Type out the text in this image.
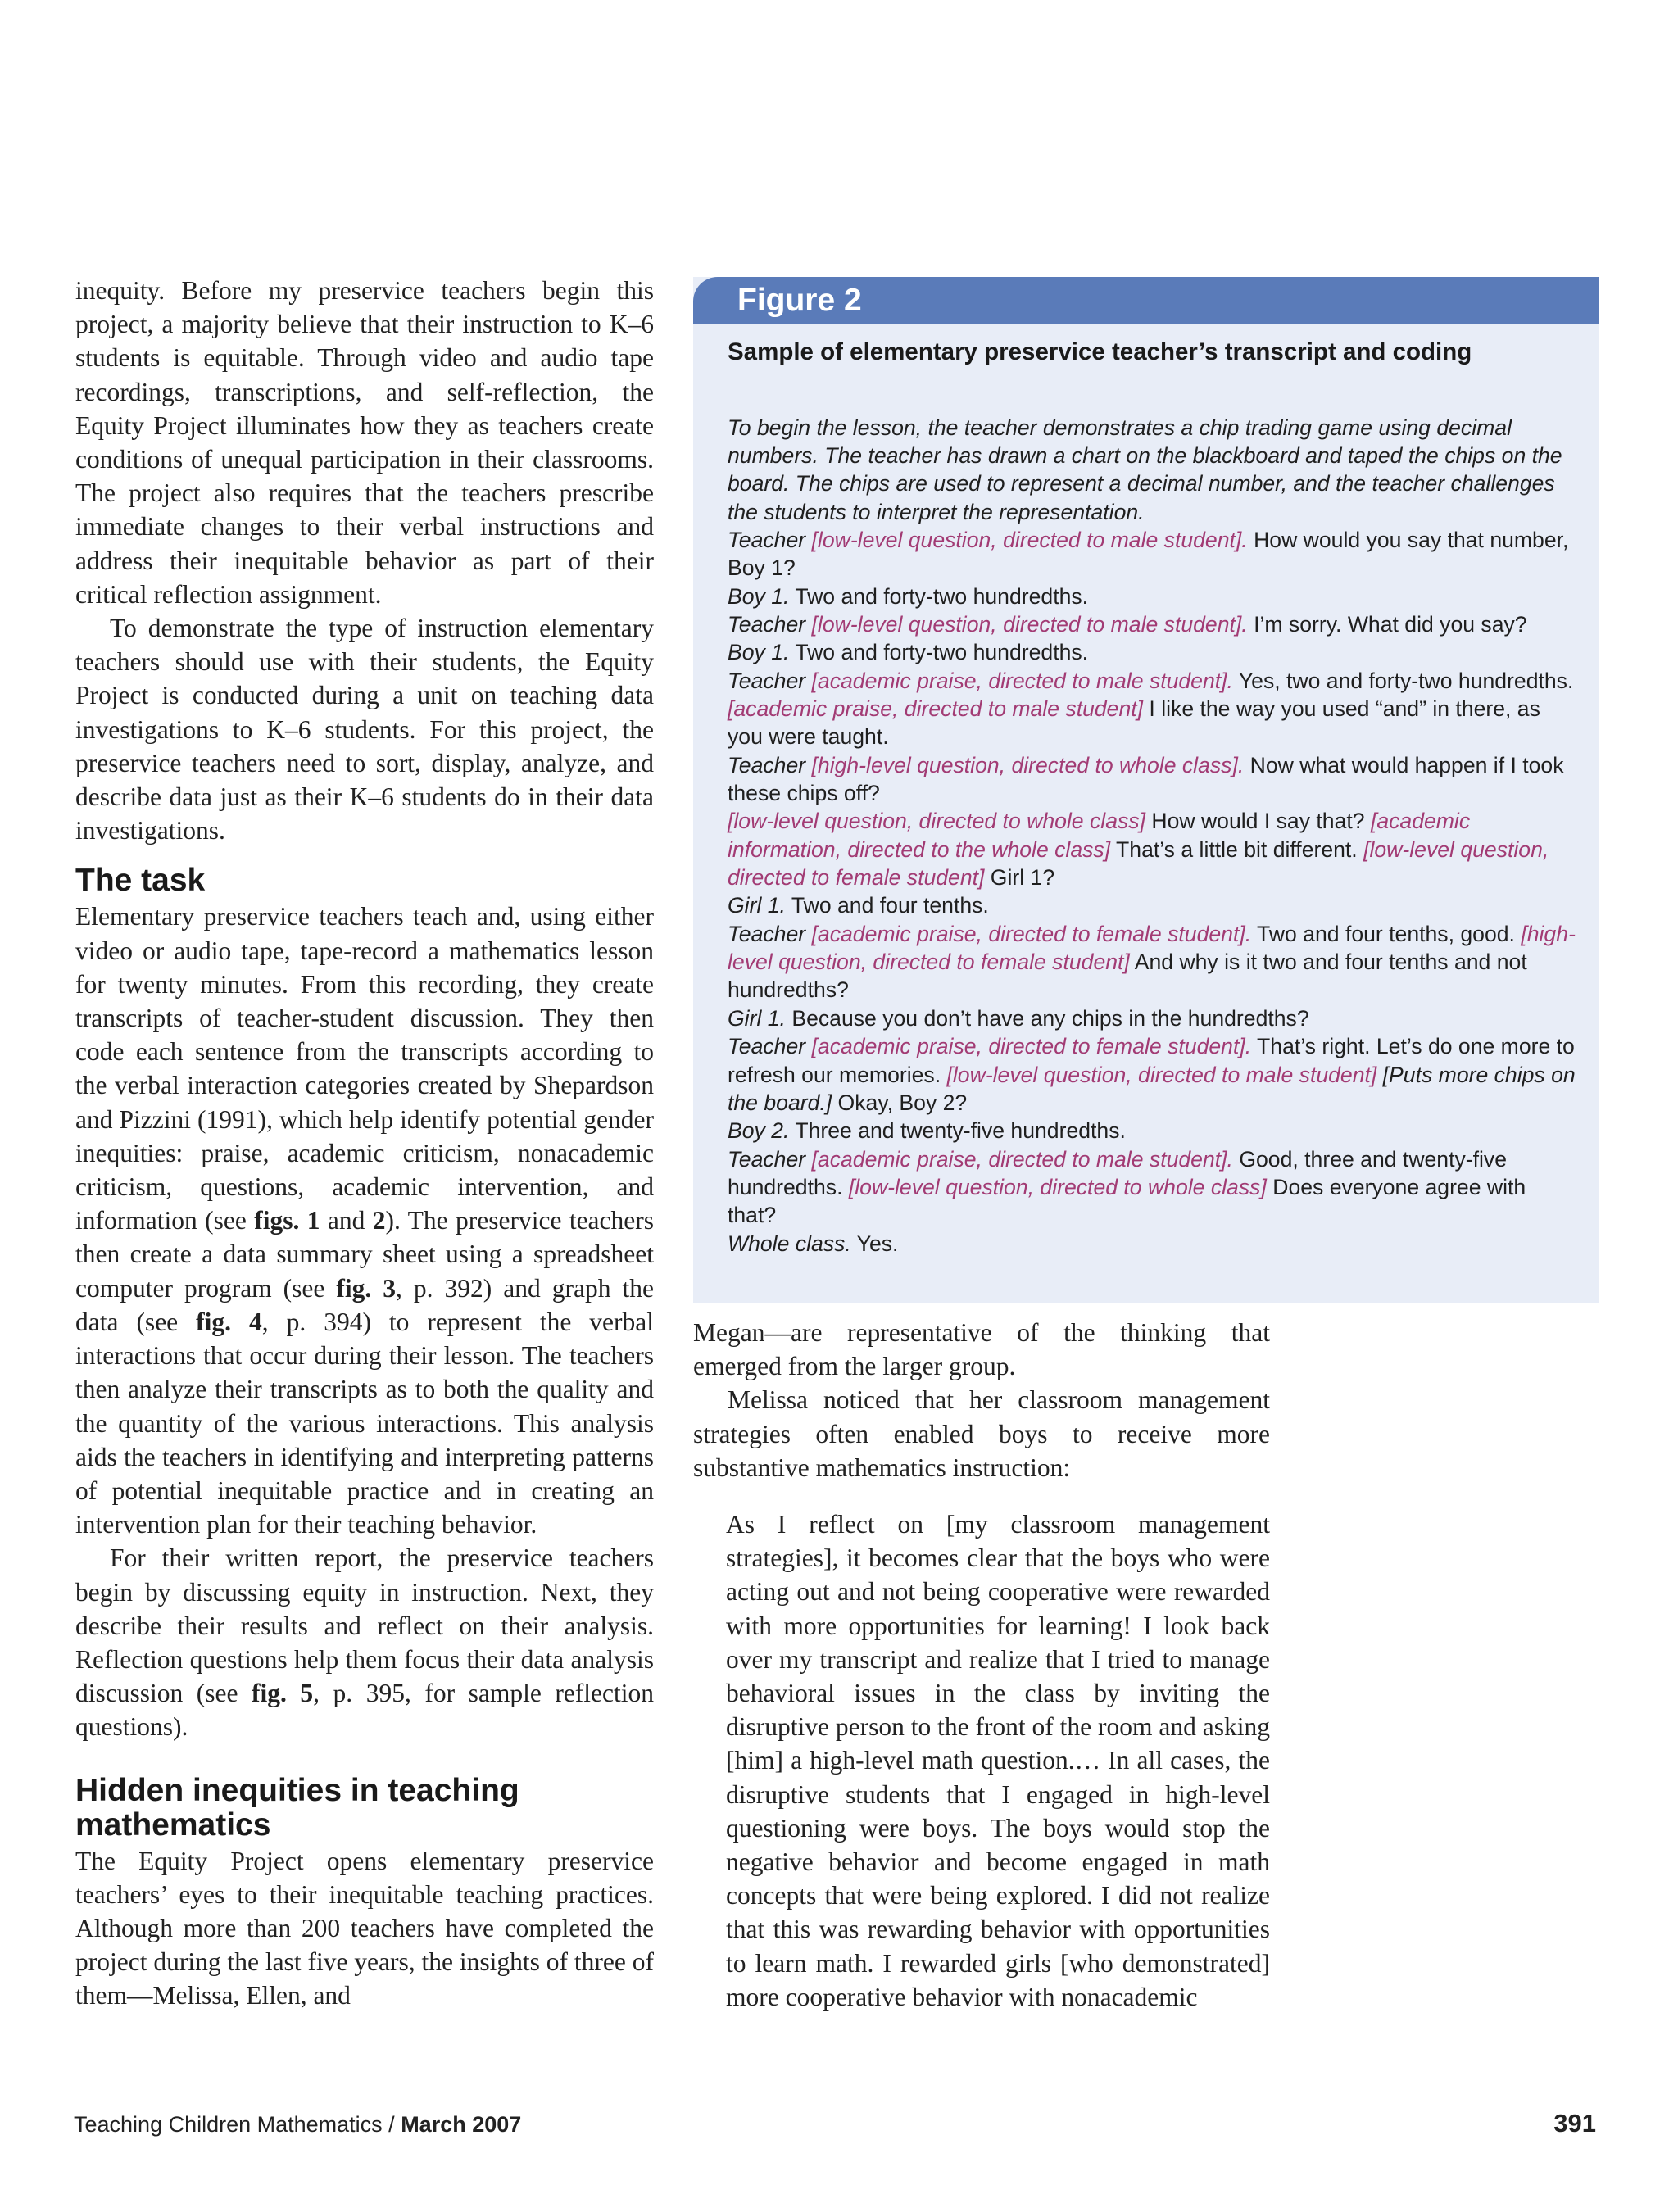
inequity. Before my preservice teachers begin this project, a majority believe that their instruction to K–6 students is equitable. Through video and audio tape recordings, transcriptions, and self-reflection, the Equity Project illuminates how they as teachers create conditions of unequal participation in their classrooms. The project also requires that the teachers prescribe immediate changes to their verbal instructions and address their inequitable behavior as part of their critical reflection assignment.

To demonstrate the type of instruction elementary teachers should use with their students, the Equity Project is conducted during a unit on teaching data investigations to K–6 students. For this project, the preservice teachers need to sort, display, analyze, and describe data just as their K–6 students do in their data investigations.

The task

Elementary preservice teachers teach and, using either video or audio tape, tape-record a mathematics lesson for twenty minutes. From this recording, they create transcripts of teacher-student discussion. They then code each sentence from the transcripts according to the verbal interaction categories created by Shepardson and Pizzini (1991), which help identify potential gender inequities: praise, academic criticism, nonacademic criticism, questions, academic intervention, and information (see figs. 1 and 2). The preservice teachers then create a data summary sheet using a spreadsheet computer program (see fig. 3, p. 392) and graph the data (see fig. 4, p. 394) to represent the verbal interactions that occur during their lesson. The teachers then analyze their transcripts as to both the quality and the quantity of the various interactions. This analysis aids the teachers in identifying and interpreting patterns of potential inequitable practice and in creating an intervention plan for their teaching behavior.

For their written report, the preservice teachers begin by discussing equity in instruction. Next, they describe their results and reflect on their analysis. Reflection questions help them focus their data analysis discussion (see fig. 5, p. 395, for sample reflection questions).

Hidden inequities in teaching mathematics

The Equity Project opens elementary preservice teachers’ eyes to their inequitable teaching practices. Although more than 200 teachers have completed the project during the last five years, the insights of three of them—Melissa, Ellen, and

Figure 2
Sample of elementary preservice teacher’s transcript and coding

To begin the lesson, the teacher demonstrates a chip trading game using decimal numbers. The teacher has drawn a chart on the blackboard and taped the chips on the board. The chips are used to represent a decimal number, and the teacher challenges the students to interpret the representation.

Teacher [low-level question, directed to male student]. How would you say that number, Boy 1?

Boy 1. Two and forty-two hundredths.

Teacher [low-level question, directed to male student]. I’m sorry. What did you say?

Boy 1. Two and forty-two hundredths.

Teacher [academic praise, directed to male student]. Yes, two and forty-two hundredths. [academic praise, directed to male student] I like the way you used “and” in there, as you were taught.

Teacher [high-level question, directed to whole class]. Now what would happen if I took these chips off?

[low-level question, directed to whole class] How would I say that? [academic information, directed to the whole class] That’s a little bit different. [low-level question, directed to female student] Girl 1?

Girl 1. Two and four tenths.

Teacher [academic praise, directed to female student]. Two and four tenths, good. [high-level question, directed to female student] And why is it two and four tenths and not hundredths?

Girl 1. Because you don’t have any chips in the hundredths?

Teacher [academic praise, directed to female student]. That’s right. Let’s do one more to refresh our memories. [low-level question, directed to male student] [Puts more chips on the board.] Okay, Boy 2?

Boy 2. Three and twenty-five hundredths.

Teacher [academic praise, directed to male student]. Good, three and twenty-five hundredths. [low-level question, directed to whole class] Does everyone agree with that?

Whole class. Yes.

Megan—are representative of the thinking that emerged from the larger group.

Melissa noticed that her classroom management strategies often enabled boys to receive more substantive mathematics instruction:

As I reflect on [my classroom management strategies], it becomes clear that the boys who were acting out and not being cooperative were rewarded with more opportunities for learning! I look back over my transcript and realize that I tried to manage behavioral issues in the class by inviting the disruptive person to the front of the room and asking [him] a high-level math question.… In all cases, the disruptive students that I engaged in high-level questioning were boys. The boys would stop the negative behavior and become engaged in math concepts that were being explored. I did not realize that this was rewarding behavior with opportunities to learn math. I rewarded girls [who demonstrated] more cooperative behavior with nonacademic
Teaching Children Mathematics / March 2007	391
